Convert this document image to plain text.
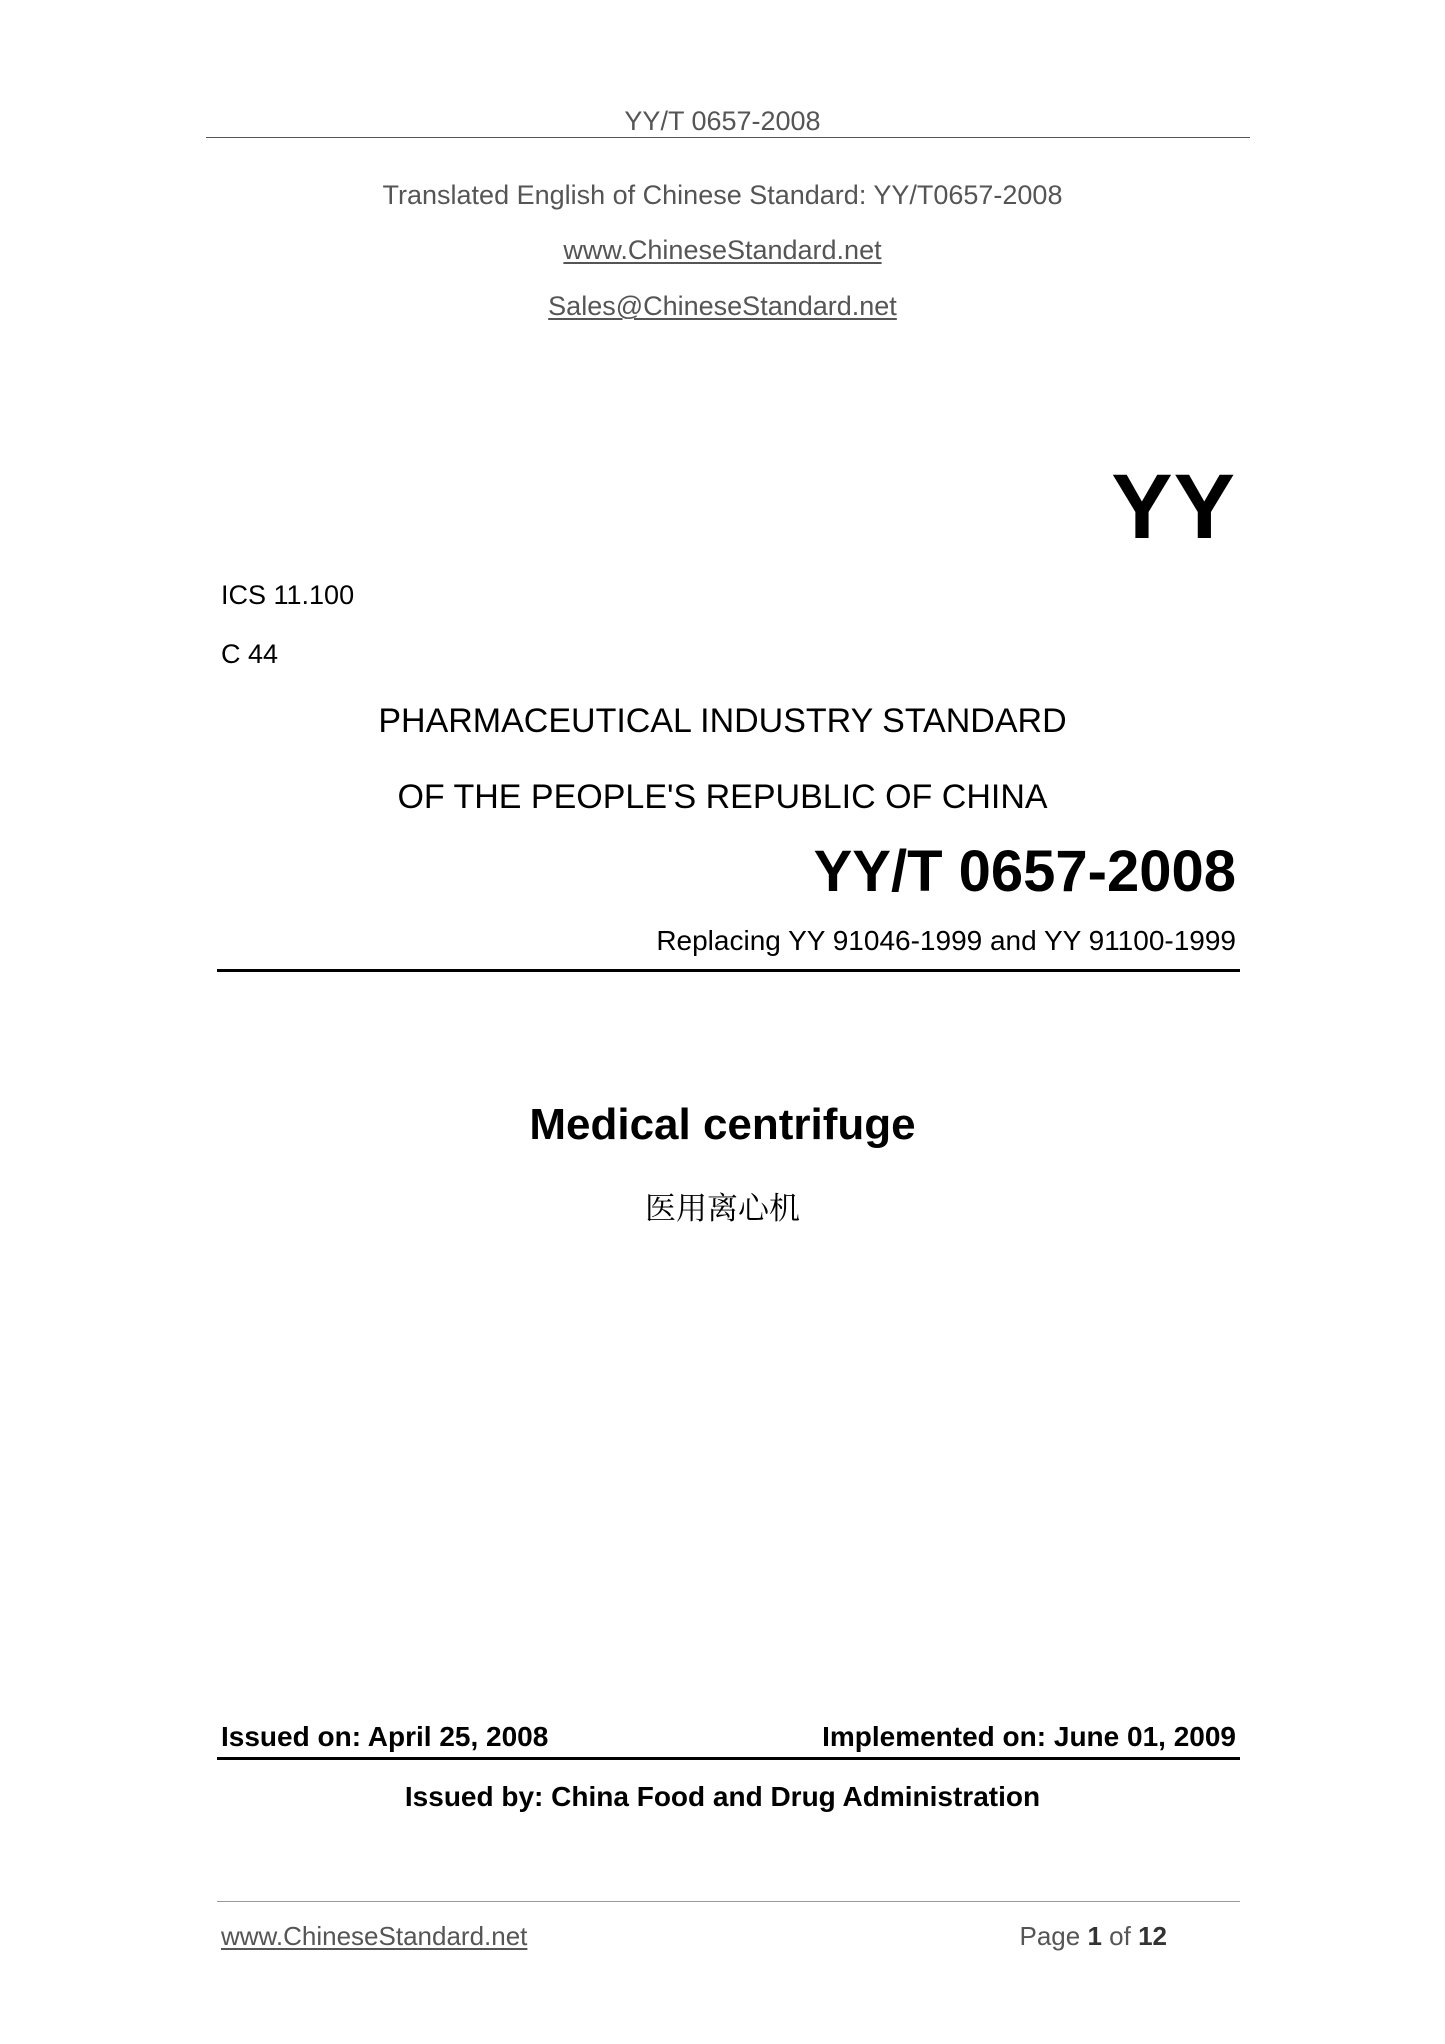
YY/T 0657-2008
Translated English of Chinese Standard: YY/T0657-2008
www.ChineseStandard.net
Sales@ChineseStandard.net
YY
ICS 11.100
C 44
PHARMACEUTICAL INDUSTRY STANDARD
OF THE PEOPLE'S REPUBLIC OF CHINA
YY/T 0657-2008
Replacing YY 91046-1999 and YY 91100-1999
Medical centrifuge
医用离心机
Issued on: April 25, 2008	Implemented on: June 01, 2009
Issued by: China Food and Drug Administration
www.ChineseStandard.net	Page 1 of 12
